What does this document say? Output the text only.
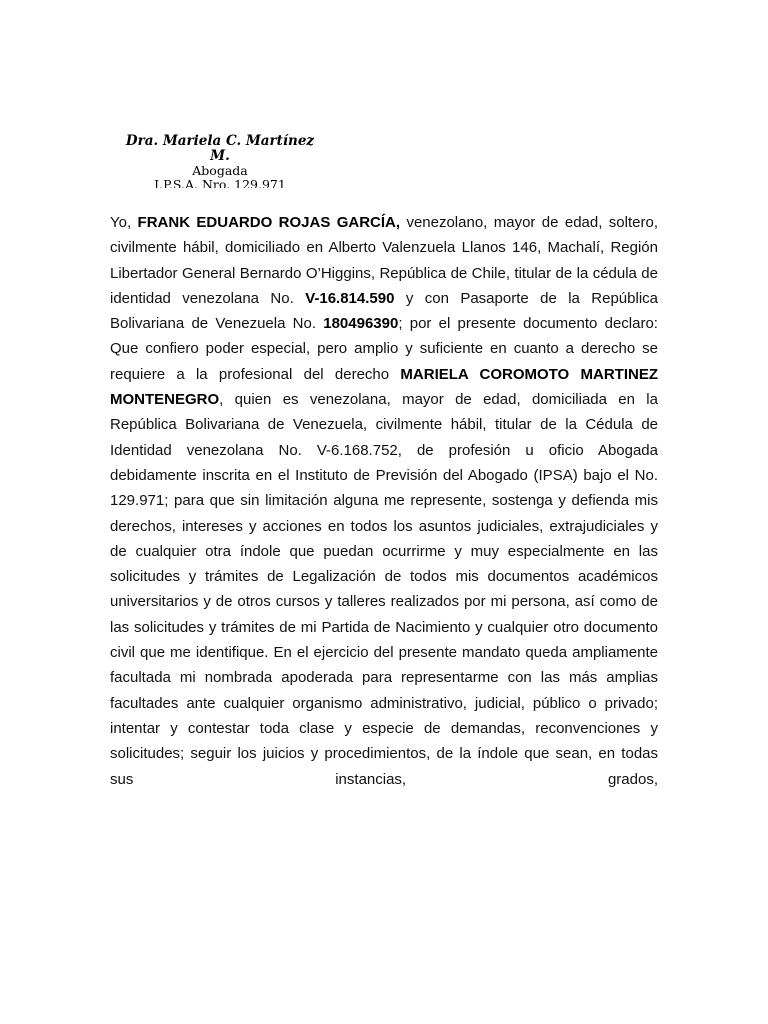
Dra. Mariela C. Martínez M.

Abogada

I.P.S.A. Nro. 129.971

Yo, FRANK EDUARDO ROJAS GARCÍA, venezolano, mayor de edad, soltero, civilmente hábil, domiciliado en Alberto Valenzuela Llanos 146, Machalí, Región Libertador General Bernardo O’Higgins, República de Chile, titular de la cédula de identidad venezolana No. V-16.814.590 y con Pasaporte de la República Bolivariana de Venezuela No. 180496390; por el presente documento declaro: Que confiero poder especial, pero amplio y suficiente en cuanto a derecho se requiere a la profesional del derecho MARIELA COROMOTO MARTINEZ MONTENEGRO, quien es venezolana, mayor de edad, domiciliada en la República Bolivariana de Venezuela, civilmente hábil, titular de la Cédula de Identidad venezolana No. V-6.168.752, de profesión u oficio Abogada debidamente inscrita en el Instituto de Previsión del Abogado (IPSA) bajo el No. 129.971; para que sin limitación alguna me represente, sostenga y defienda mis derechos, intereses y acciones en todos los asuntos judiciales, extrajudiciales y de cualquier otra índole que puedan ocurrirme y muy especialmente en las solicitudes y trámites de Legalización de todos mis documentos académicos universitarios y de otros cursos y talleres realizados por mi persona, así como de las solicitudes y trámites de mi Partida de Nacimiento y cualquier otro documento civil que me identifique. En el ejercicio del presente mandato queda ampliamente facultada mi nombrada apoderada para representarme con las más amplias facultades ante cualquier organismo administrativo, judicial, público o privado; intentar y contestar toda clase y especie de demandas, reconvenciones y solicitudes; seguir los juicios y procedimientos, de la índole que sean, en todas sus instancias, grados,
